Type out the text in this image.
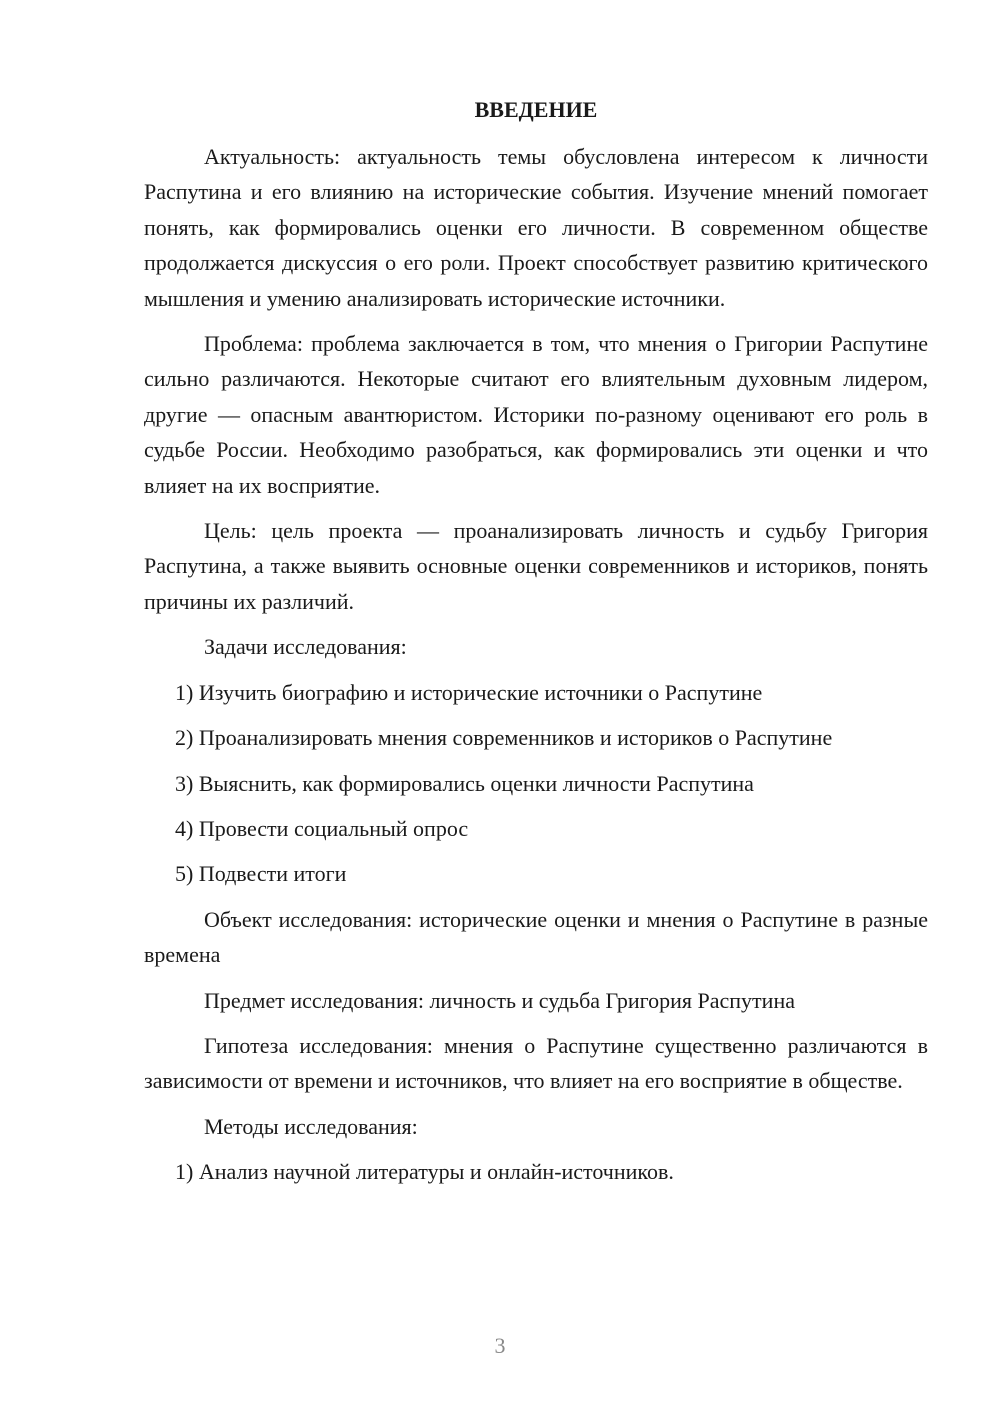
ВВЕДЕНИЕ
Актуальность: актуальность темы обусловлена интересом к личности Распутина и его влиянию на исторические события. Изучение мнений помогает понять, как формировались оценки его личности. В современном обществе продолжается дискуссия о его роли. Проект способствует развитию критического мышления и умению анализировать исторические источники.
Проблема: проблема заключается в том, что мнения о Григории Распутине сильно различаются. Некоторые считают его влиятельным духовным лидером, другие — опасным авантюристом. Историки по-разному оценивают его роль в судьбе России. Необходимо разобраться, как формировались эти оценки и что влияет на их восприятие.
Цель: цель проекта — проанализировать личность и судьбу Григория Распутина, а также выявить основные оценки современников и историков, понять причины их различий.
Задачи исследования:
1) Изучить биографию и исторические источники о Распутине
2) Проанализировать мнения современников и историков о Распутине
3) Выяснить, как формировались оценки личности Распутина
4) Провести социальный опрос
5) Подвести итоги
Объект исследования: исторические оценки и мнения о Распутине в разные времена
Предмет исследования: личность и судьба Григория Распутина
Гипотеза исследования: мнения о Распутине существенно различаются в зависимости от времени и источников, что влияет на его восприятие в обществе.
Методы исследования:
1) Анализ научной литературы и онлайн-источников.
3
